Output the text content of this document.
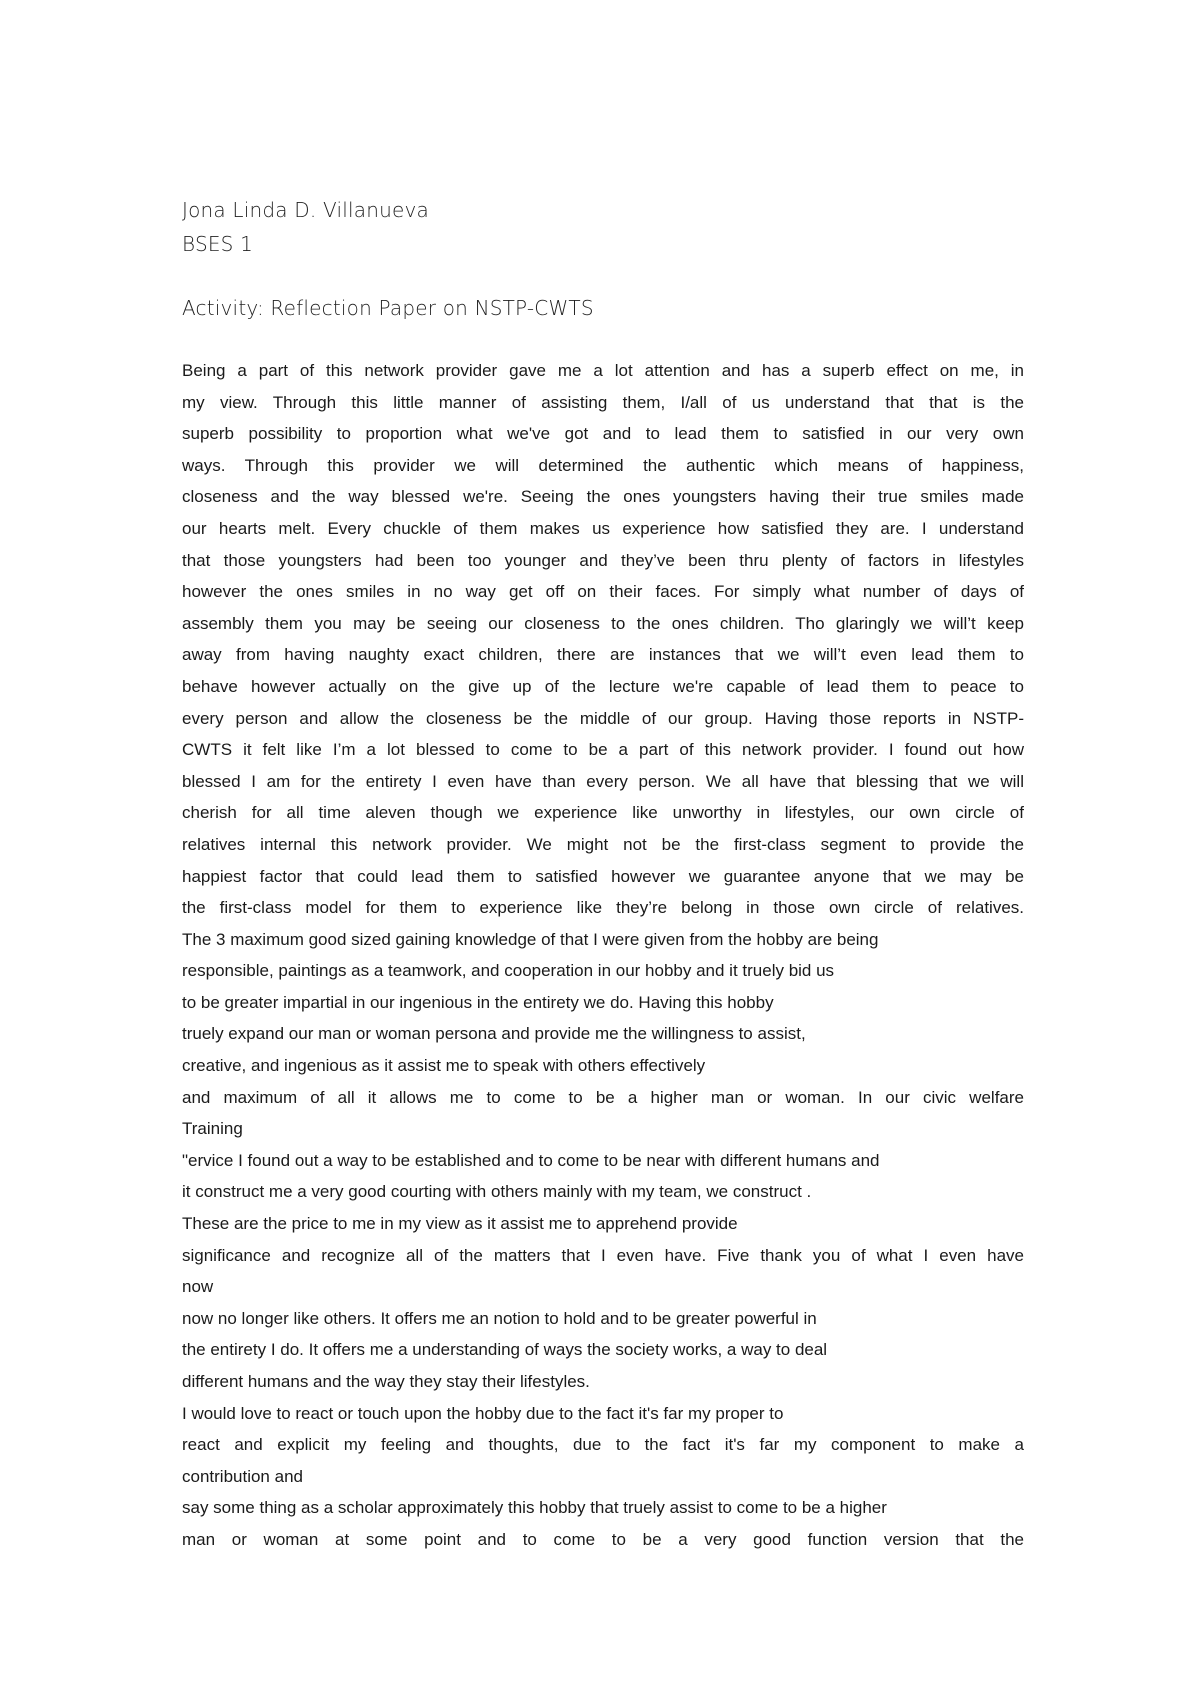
Jona Linda D. Villanueva
BSES 1
Activity: Reflection Paper on NSTP-CWTS
Being a part of this network provider gave me a lot attention and has a superb effect on me, in
my view. Through this little manner of assisting them, I/all of us understand that that is the
superb possibility to proportion what we've got and to lead them to satisfied in our very own
ways. Through this provider we will determined the authentic which means of happiness,
closeness and the way blessed we're. Seeing the ones youngsters having their true smiles made
our hearts melt. Every chuckle of them makes us experience how satisfied they are. I understand
that those youngsters had been too younger and they’ve been thru plenty of factors in lifestyles
however the ones smiles in no way get off on their faces. For simply what number of days of
assembly them you may be seeing our closeness to the ones children. Tho glaringly we will’t keep
away from having naughty exact children, there are instances that we will’t even lead them to
behave however actually on the give up of the lecture we're capable of lead them to peace to
every person and allow the closeness be the middle of our group. Having those reports in NSTP-
CWTS it felt like I’m a lot blessed to come to be a part of this network provider. I found out how
blessed I am for the entirety I even have than every person. We all have that blessing that we will
cherish for all time aleven though we experience like unworthy in lifestyles, our own circle of
relatives internal this network provider. We might not be the first-class segment to provide the
happiest factor that could lead them to satisfied however we guarantee anyone that we may be
the first-class model for them to experience like they’re belong in those own circle of relatives.
The 3 maximum good sized gaining knowledge of that I were given from the hobby are being
responsible, paintings as a teamwork, and cooperation in our hobby and it truely bid us
to be greater impartial in our ingenious in the entirety we do. Having this hobby
truely expand our man or woman persona and provide me the willingness to assist,
creative, and ingenious as it assist me to speak with others effectively
and maximum of all it allows me to come to be a higher man or woman. In our civic welfare
Training
"ervice I found out a way to be established and to come to be near with different humans and
it construct me a very good courting with others mainly with my team, we construct .
These are the price to me in my view as it assist me to apprehend provide
significance and recognize all of the matters that I even have. Five thank you of what I even have
now
now no longer like others. It offers me an notion to hold and to be greater powerful in
the entirety I do. It offers me a understanding of ways the society works, a way to deal
different humans and the way they stay their lifestyles.
I would love to react or touch upon the hobby due to the fact it's far my proper to
react and explicit my feeling and thoughts, due to the fact it's far my component to make a
contribution and
say some thing as a scholar approximately this hobby that truely assist to come to be a higher
man or woman at some point and to come to be a very good function version that the
